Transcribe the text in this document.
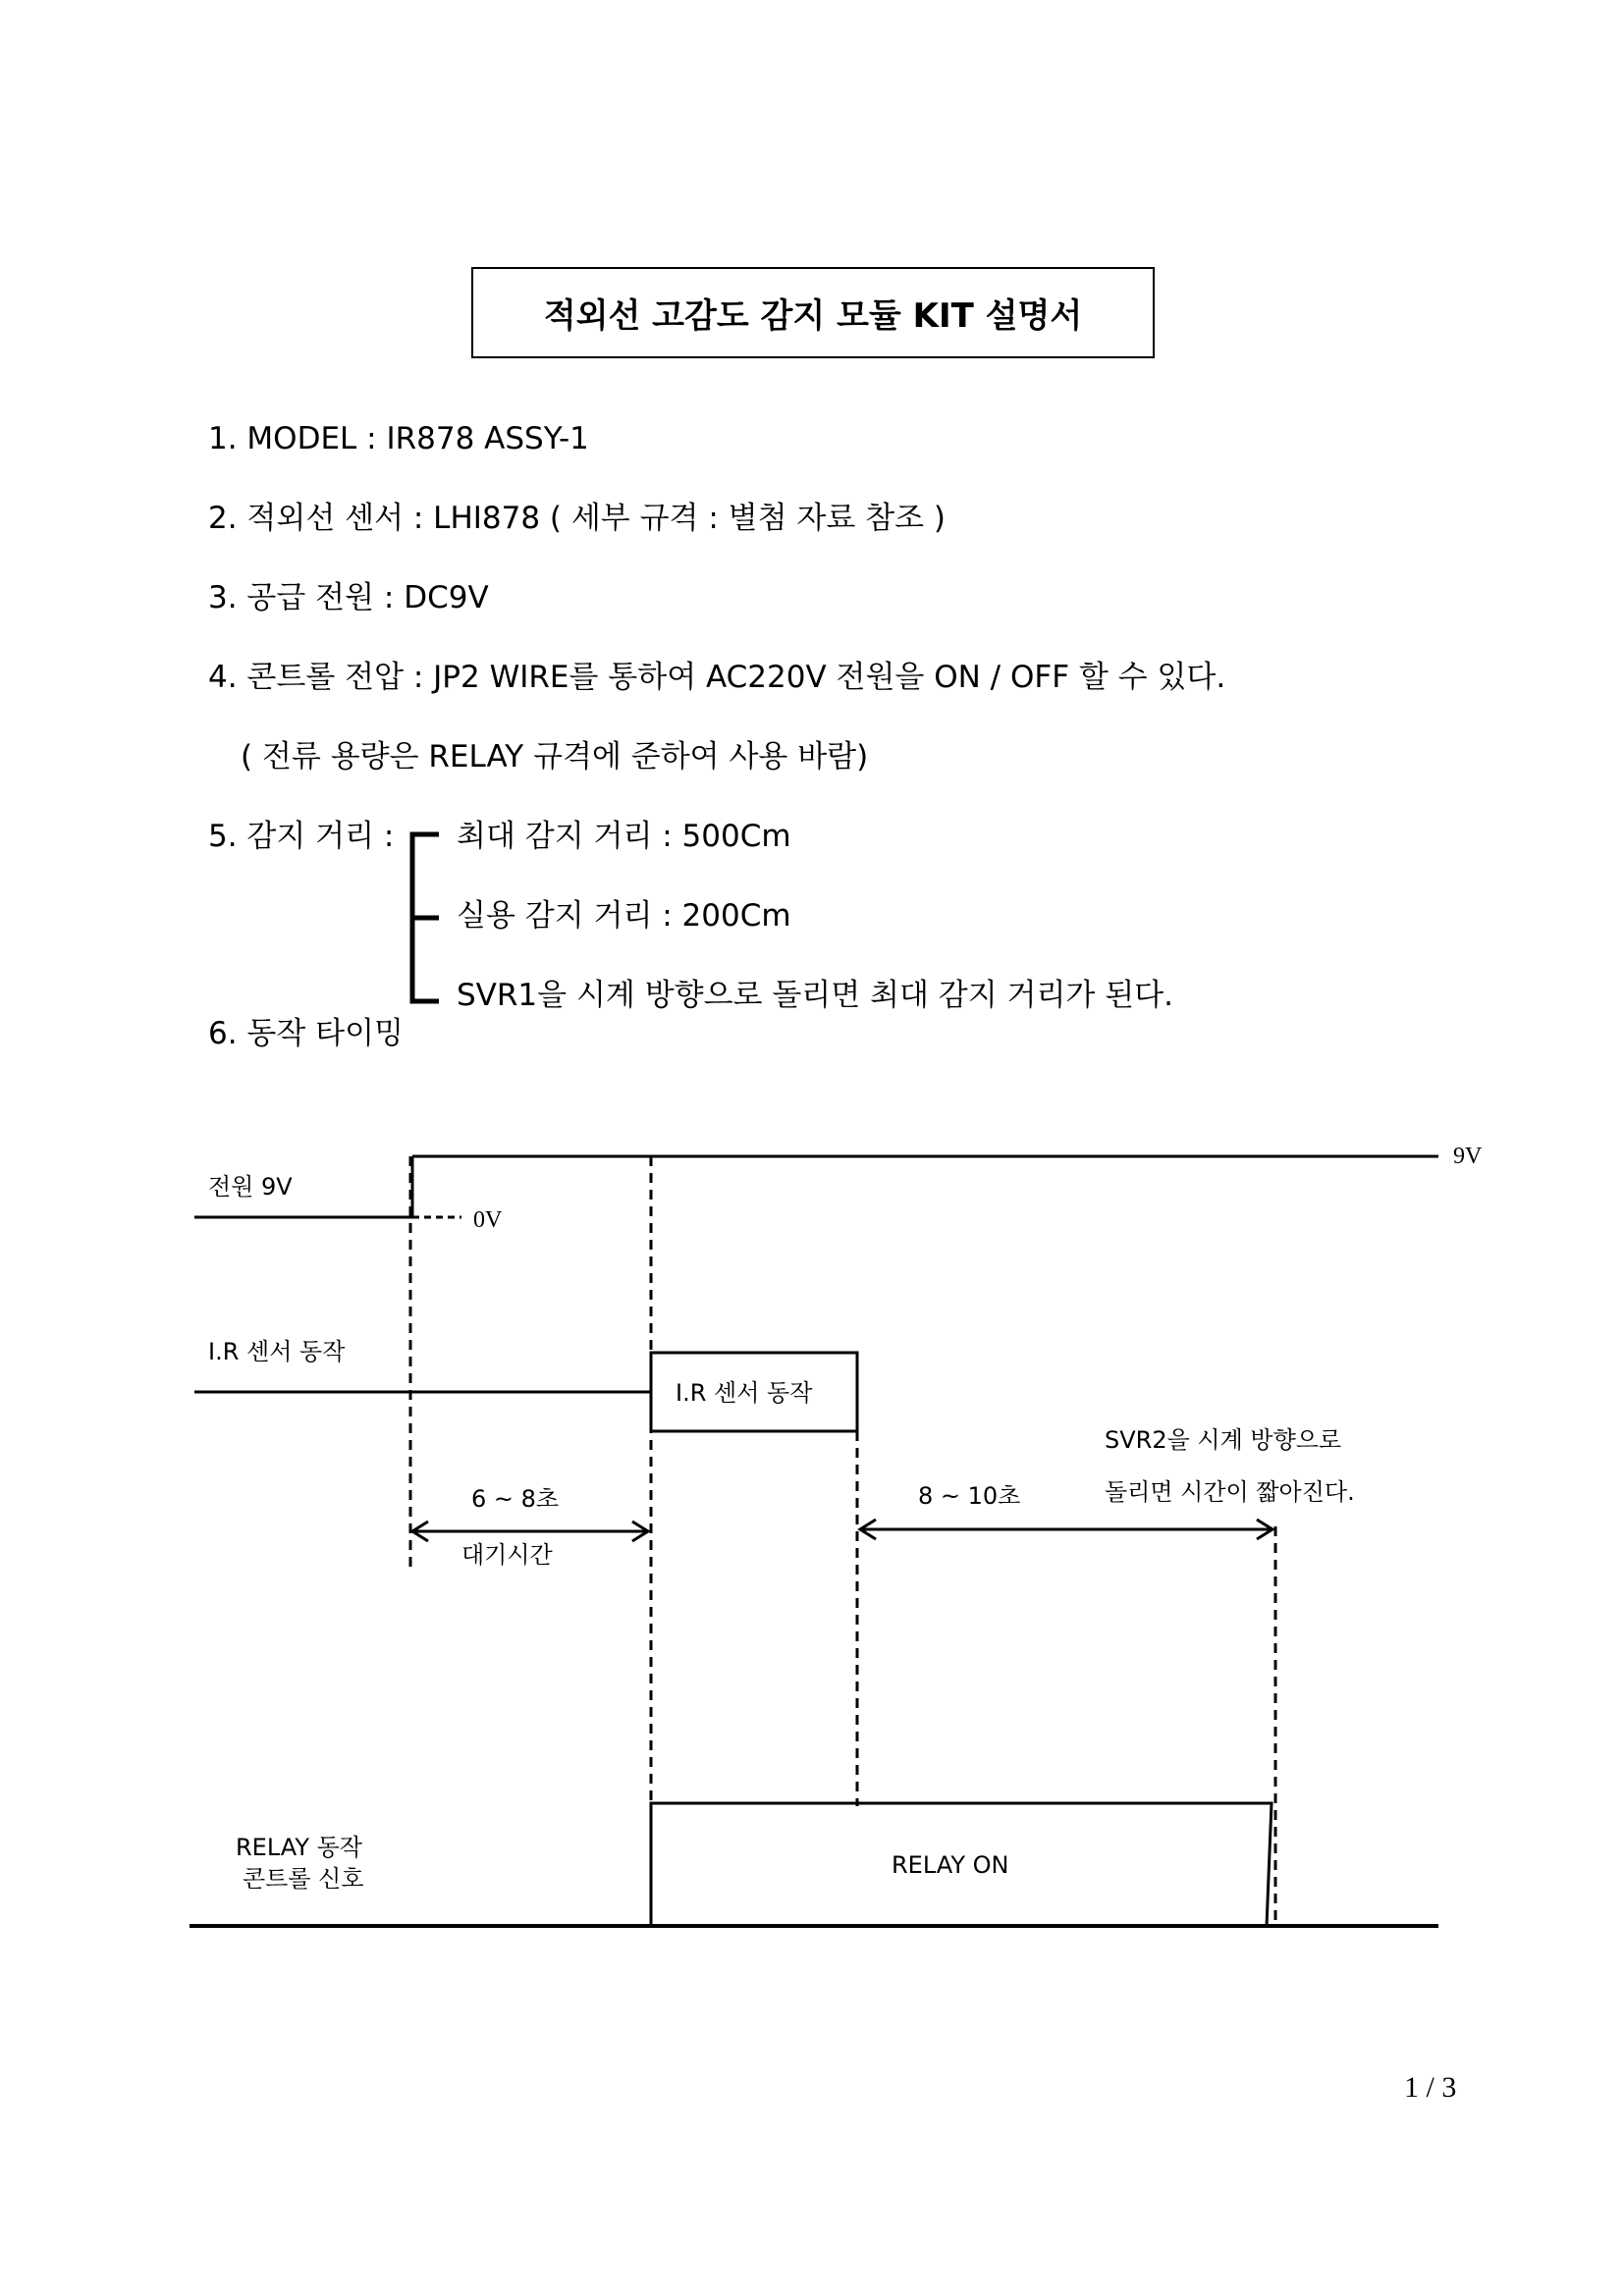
적외선 고감도 감지 모듈 KIT 설명서
1. MODEL : IR878 ASSY-1
2. 적외선 센서 : LHI878 ( 세부 규격 : 별첨 자료 참조 )
3. 공급 전원 : DC9V
4. 콘트롤 전압 : JP2 WIRE를 통하여 AC220V 전원을 ON / OFF 할 수 있다.
( 전류 용량은 RELAY 규격에 준하여 사용 바람)
5. 감지 거리 : 최대 감지 거리 : 500Cm
실용 감지 거리 : 200Cm
SVR1을 시계 방향으로 돌리면 최대 감지 거리가 된다.
6. 동작 타이밍
전원 9V
9V
0V
I.R 센서 동작
I.R 센서 동작
6 ~ 8초
대기시간
8 ~ 10초
SVR2을 시계 방향으로
돌리면 시간이 짧아진다.
RELAY 동작
콘트롤 신호	RELAY ON
1 / 3
